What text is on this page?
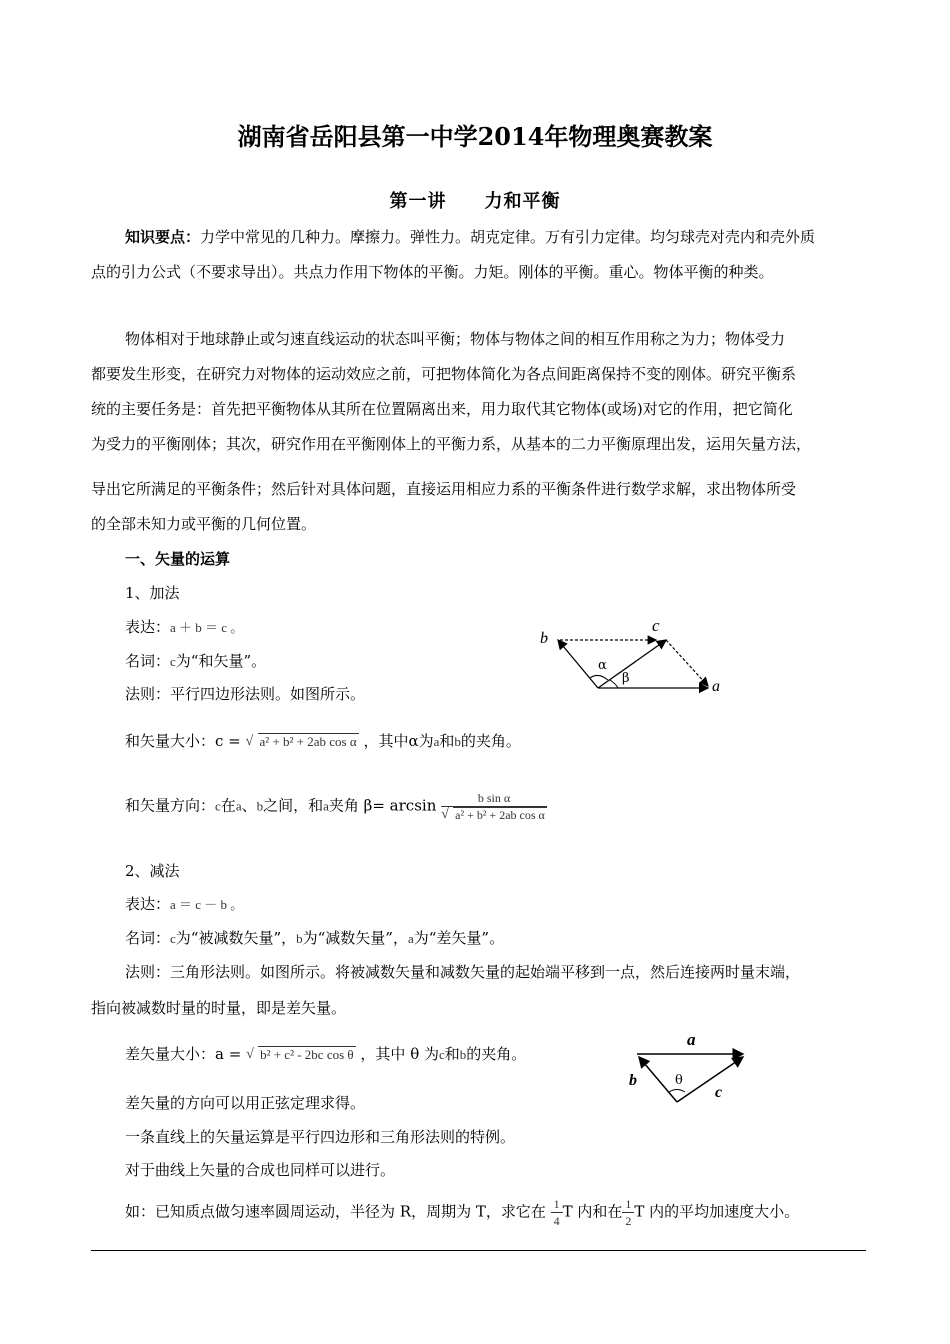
湖南省岳阳县第一中学2014年物理奥赛教案
第一讲　　力和平衡
知识要点：力学中常见的几种力。摩擦力。弹性力。胡克定律。万有引力定律。均匀球壳对壳内和壳外质
点的引力公式（不要求导出）。共点力作用下物体的平衡。力矩。刚体的平衡。重心。物体平衡的种类。
物体相对于地球静止或匀速直线运动的状态叫平衡；物体与物体之间的相互作用称之为力；物体受力
都要发生形变，在研究力对物体的运动效应之前，可把物体简化为各点间距离保持不变的刚体。研究平衡系
统的主要任务是：首先把平衡物体从其所在位置隔离出来，用力取代其它物体(或场)对它的作用，把它简化
为受力的平衡刚体；其次，研究作用在平衡刚体上的平衡力系，从基本的二力平衡原理出发，运用矢量方法，
导出它所满足的平衡条件；然后针对具体问题，直接运用相应力系的平衡条件进行数学求解，求出物体所受
的全部未知力或平衡的几何位置。
一、矢量的运算
1、加法
表达：a ＋ b ＝ c 。
名词：c为“和矢量”。
法则：平行四边形法则。如图所示。
b
c
a
α
β
和矢量大小：c = √ a² + b² + 2ab cos α ，其中α为a和b的夹角。
和矢量方向：c在a、b之间，和a夹角 $\beta= \arcsin \frac{\text{b sin α}}{\text{√ a² + b² + 2ab cos α}}$
2、减法
表达：a ＝ c － b 。
名词：c为“被减数矢量”，b为“减数矢量”，a为“差矢量”。
法则：三角形法则。如图所示。将被减数矢量和减数矢量的起始端平移到一点，然后连接两时量末端，
指向被减数时量的时量，即是差矢量。
差矢量大小：a = √ b² + c² - 2bc cos θ ，其中 θ 为c和b的夹角。
a
b
c
θ
差矢量的方向可以用正弦定理求得。
一条直线上的矢量运算是平行四边形和三角形法则的特例。
对于曲线上矢量的合成也同样可以进行。
如：已知质点做匀速率圆周运动，半径为 R，周期为 T，求它在 $\frac{1}{4}$ T 内和在 $\frac{1}{2}$ T 内的平均加速度大小。
